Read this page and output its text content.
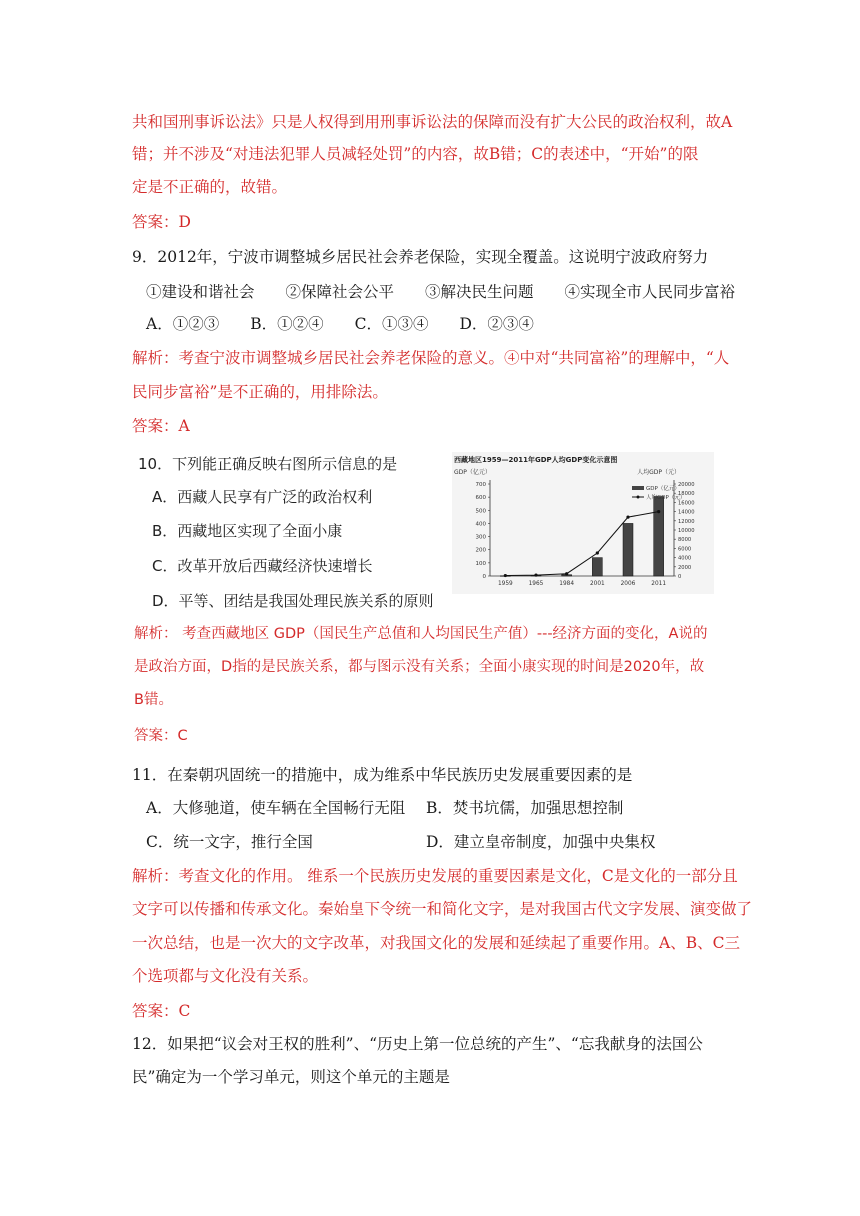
共和国刑事诉讼法》只是人权得到用刑事诉讼法的保障而没有扩大公民的政治权利，故A
错；并不涉及“对违法犯罪人员减轻处罚”的内容，故B错；C的表述中，“开始”的限
定是不正确的，故错。
答案：D
9．2012年，宁波市调整城乡居民社会养老保险，实现全覆盖。这说明宁波政府努力
①建设和谐社会　　②保障社会公平　　③解决民生问题　　④实现全市人民同步富裕
A．①②③　　B．①②④　　C．①③④　　D．②③④
解析：考查宁波市调整城乡居民社会养老保险的意义。④中对“共同富裕”的理解中，“人
民同步富裕”是不正确的，用排除法。
答案：A
10．下列能正确反映右图所示信息的是
A．西藏人民享有广泛的政治权利
B．西藏地区实现了全面小康
C．改革开放后西藏经济快速增长
D．平等、团结是我国处理民族关系的原则
西藏地区1959—2011年GDP人均GDP变化示意图
GDP（亿元）	人均GDP（元）
0
100
200
300
400
500
600
700
0
2000
4000
6000
8000
10000
12000
14000
16000
18000
20000
1959	1965	1984	2001	2006	2011
GDP（亿元）
人均GDP（元）
解析： 考查西藏地区 GDP（国民生产总值和人均国民生产值）---经济方面的变化，A说的
是政治方面，D指的是民族关系，都与图示没有关系；全面小康实现的时间是2020年，故
B错。
答案：C
11．在秦朝巩固统一的措施中，成为维系中华民族历史发展重要因素的是
A．大修驰道，使车辆在全国畅行无阻 B．焚书坑儒，加强思想控制
C．统一文字，推行全国	D．建立皇帝制度，加强中央集权
解析：考查文化的作用。 维系一个民族历史发展的重要因素是文化，C是文化的一部分且
文字可以传播和传承文化。秦始皇下令统一和简化文字，是对我国古代文字发展、演变做了
一次总结，也是一次大的文字改革，对我国文化的发展和延续起了重要作用。A、B、C三
个选项都与文化没有关系。
答案：C
12．如果把“议会对王权的胜利”、“历史上第一位总统的产生”、“忘我献身的法国公
民”确定为一个学习单元，则这个单元的主题是
